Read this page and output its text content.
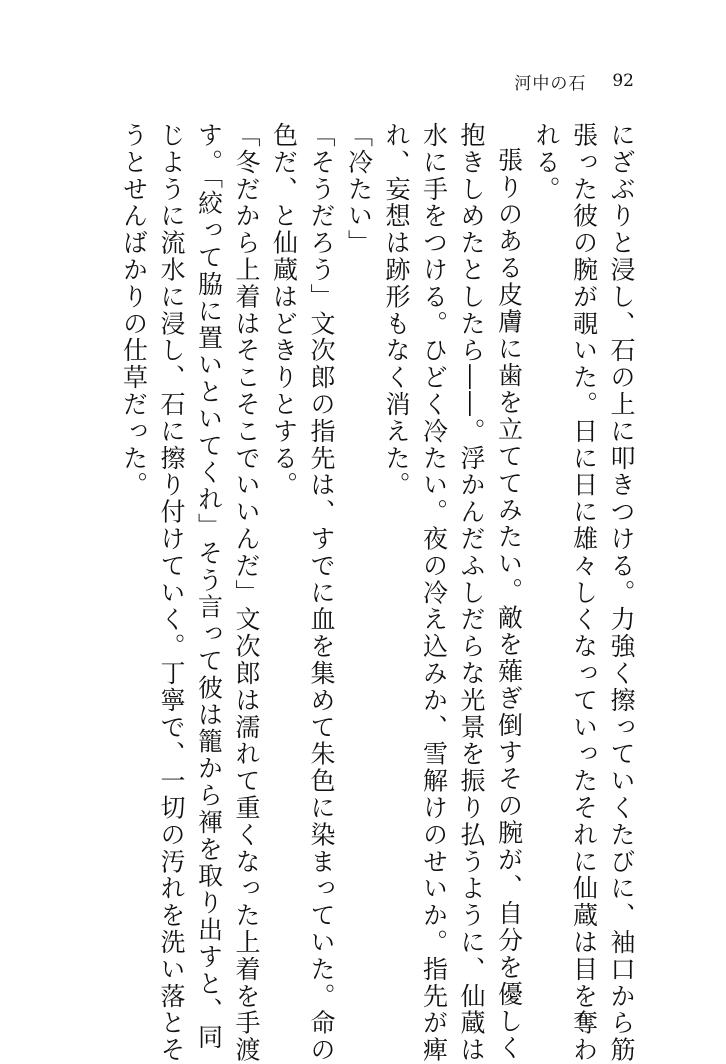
河中の石 92
にざぶりと浸し、石の上に叩きつける。力強く擦っていくたびに、袖口から筋
張った彼の腕が覗いた。日に日に雄々しくなっていったそれに仙蔵は目を奪わ
れる。
張りのある皮膚に歯を立ててみたい。敵を薙ぎ倒すその腕が、自分を優しく
抱きしめたとしたら――。浮かんだふしだらな光景を振り払うように、仙蔵は
水に手をつける。ひどく冷たい。夜の冷え込みか、雪解けのせいか。指先が痺
れ、妄想は跡形もなく消えた。
「冷たい」
「そうだろう」文次郎の指先は、すでに血を集めて朱色に染まっていた。命の
色だ、と仙蔵はどきりとする。
「冬だから上着はそこそこでいいんだ」文次郎は濡れて重くなった上着を手渡
す。「絞って脇に置いといてくれ」そう言って彼は籠から褌を取り出すと、同
じように流水に浸し、石に擦り付けていく。丁寧で、一切の汚れを洗い落とそ
うとせんばかりの仕草だった。
